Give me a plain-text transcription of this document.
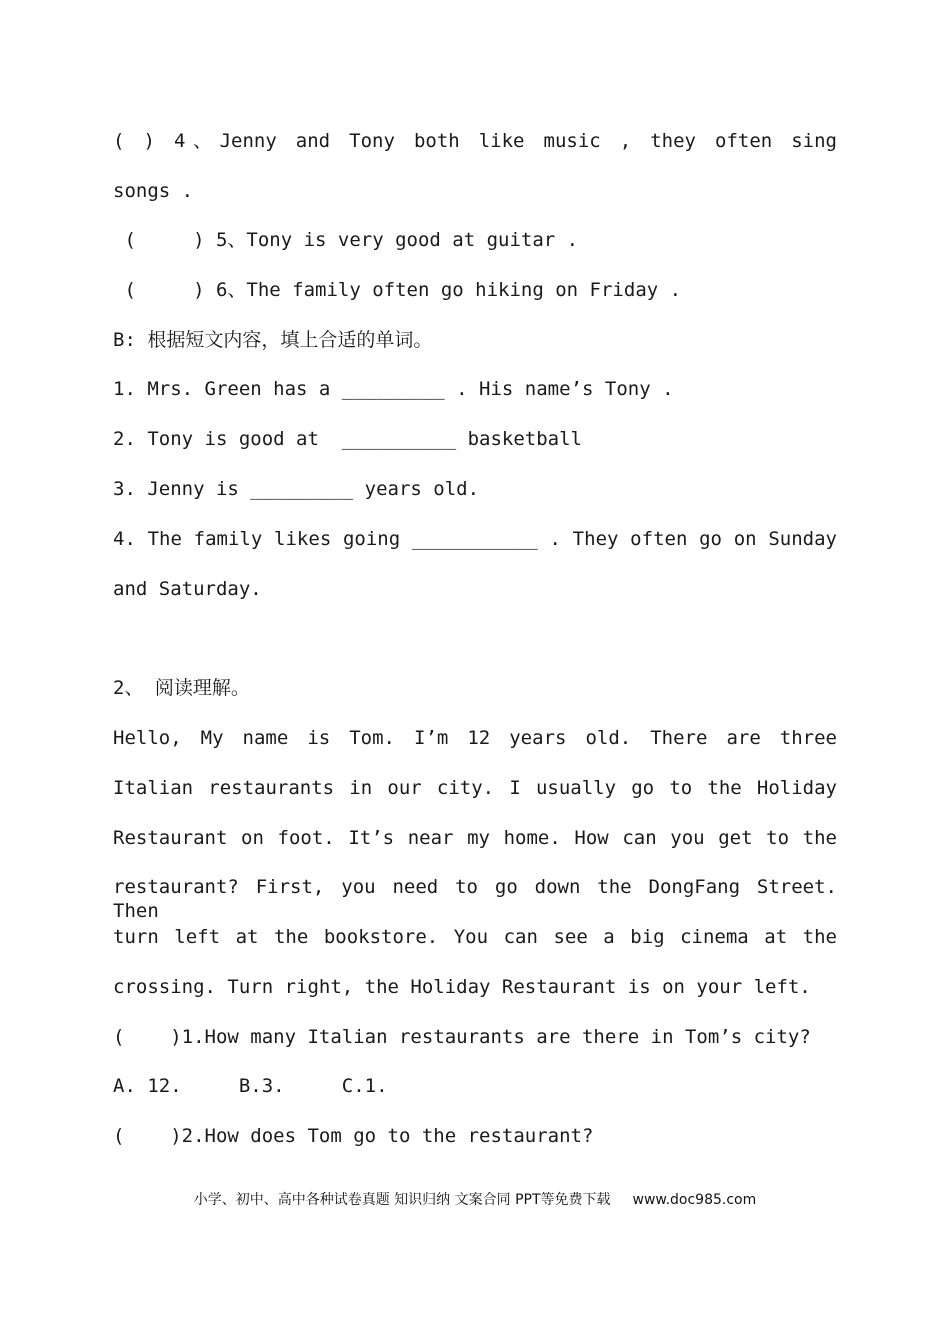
( ) 4、Jenny and Tony both like music , they often sing
songs .
(     ) 5、Tony is very good at guitar .
(     ) 6、The family often go hiking on Friday .
B: 根据短文内容，填上合适的单词。
1. Mrs. Green has a _________ . His name’s Tony .
2. Tony is good at  __________ basketball
3. Jenny is _________ years old.
4. The family likes going ___________ . They often go on Sunday
and Saturday.
2、 阅读理解。
Hello, My name is Tom. I’m 12 years old. There are three
Italian restaurants in our city. I usually go to the Holiday
Restaurant on foot. It’s near my home. How can you get to the
restaurant? First, you need to go down the DongFang Street. Then
turn left at the bookstore. You can see a big cinema at the
crossing. Turn right, the Holiday Restaurant is on your left.
(    )1.How many Italian restaurants are there in Tom’s city?
A. 12.     B.3.     C.1.
(    )2.How does Tom go to the restaurant?
小学、初中、高中各种试卷真题 知识归纳 文案合同 PPT等免费下载 www.doc985.com
